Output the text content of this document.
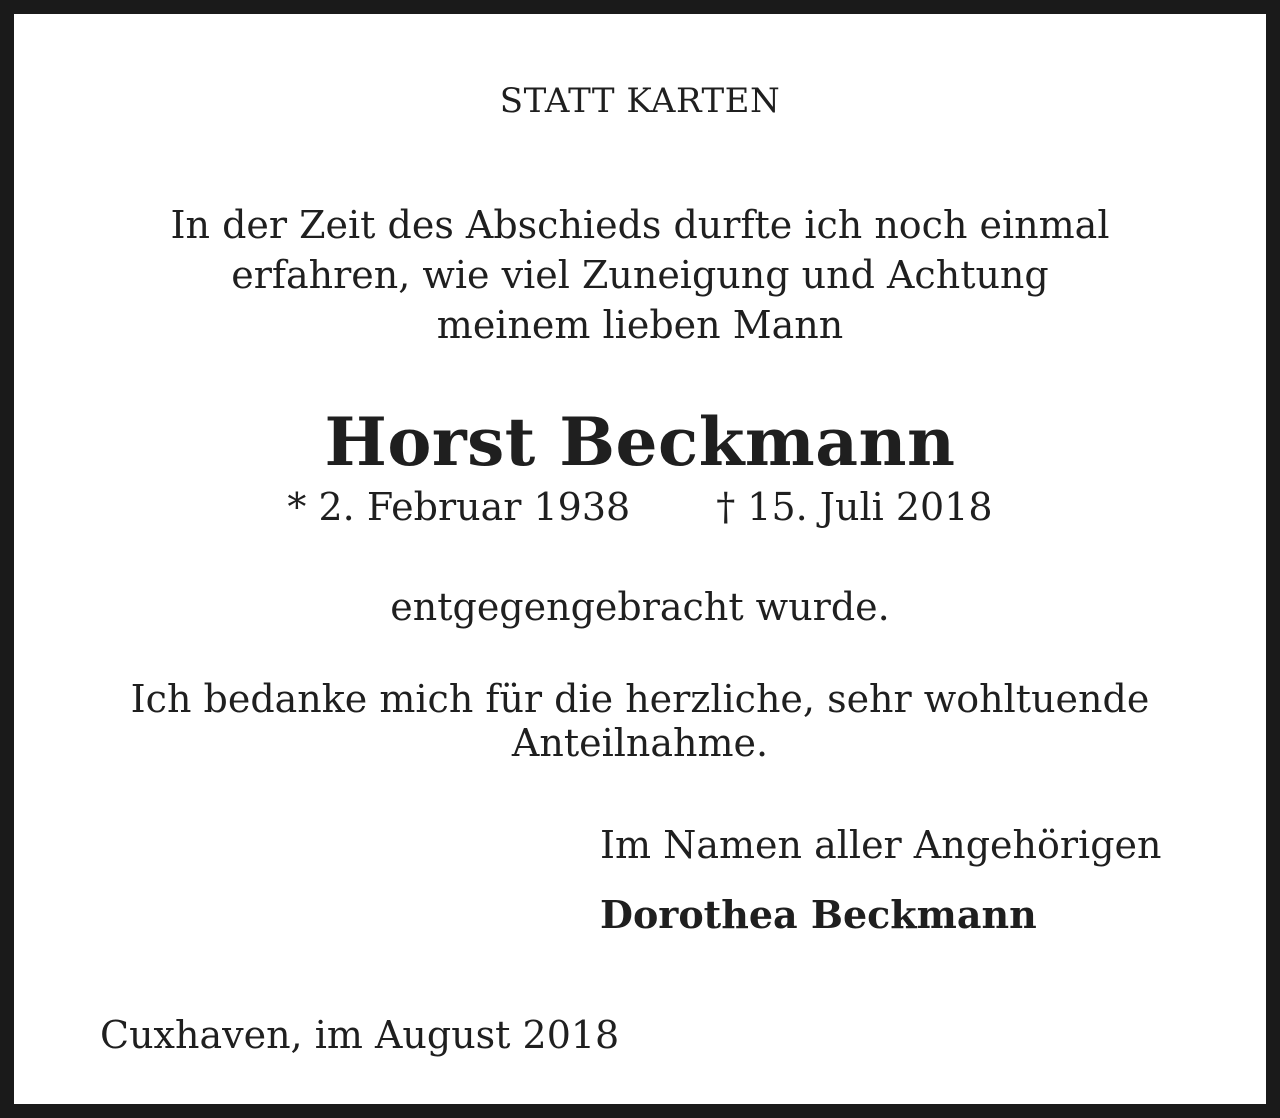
STATT KARTEN
In der Zeit des Abschieds durfte ich noch einmal
erfahren, wie viel Zuneigung und Achtung
meinem lieben Mann
Horst Beckmann
* 2. Februar 1938 † 15. Juli 2018
entgegengebracht wurde.
Ich bedanke mich für die herzliche, sehr wohltuende
Anteilnahme.
Im Namen aller Angehörigen
Dorothea Beckmann
Cuxhaven, im August 2018
